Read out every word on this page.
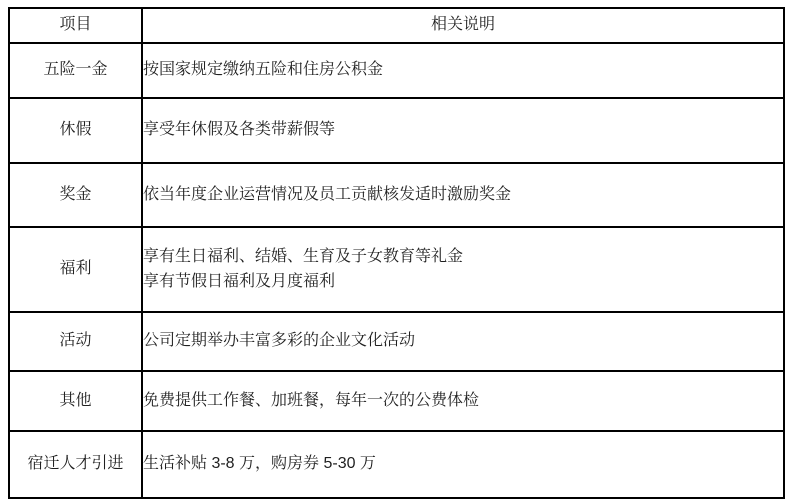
项目	相关说明
五险一金	按国家规定缴纳五险和住房公积金

休假	享受年休假及各类带薪假等

奖金	依当年度企业运营情况及员工贡献核发适时激励奖金

福利	享有生日福利、结婚、生育及子女教育等礼金
享有节假日福利及月度福利

活动	公司定期举办丰富多彩的企业文化活动

其他	免费提供工作餐、加班餐，每年一次的公费体检

宿迁人才引进	生活补贴 3-8 万，购房券 5-30 万
